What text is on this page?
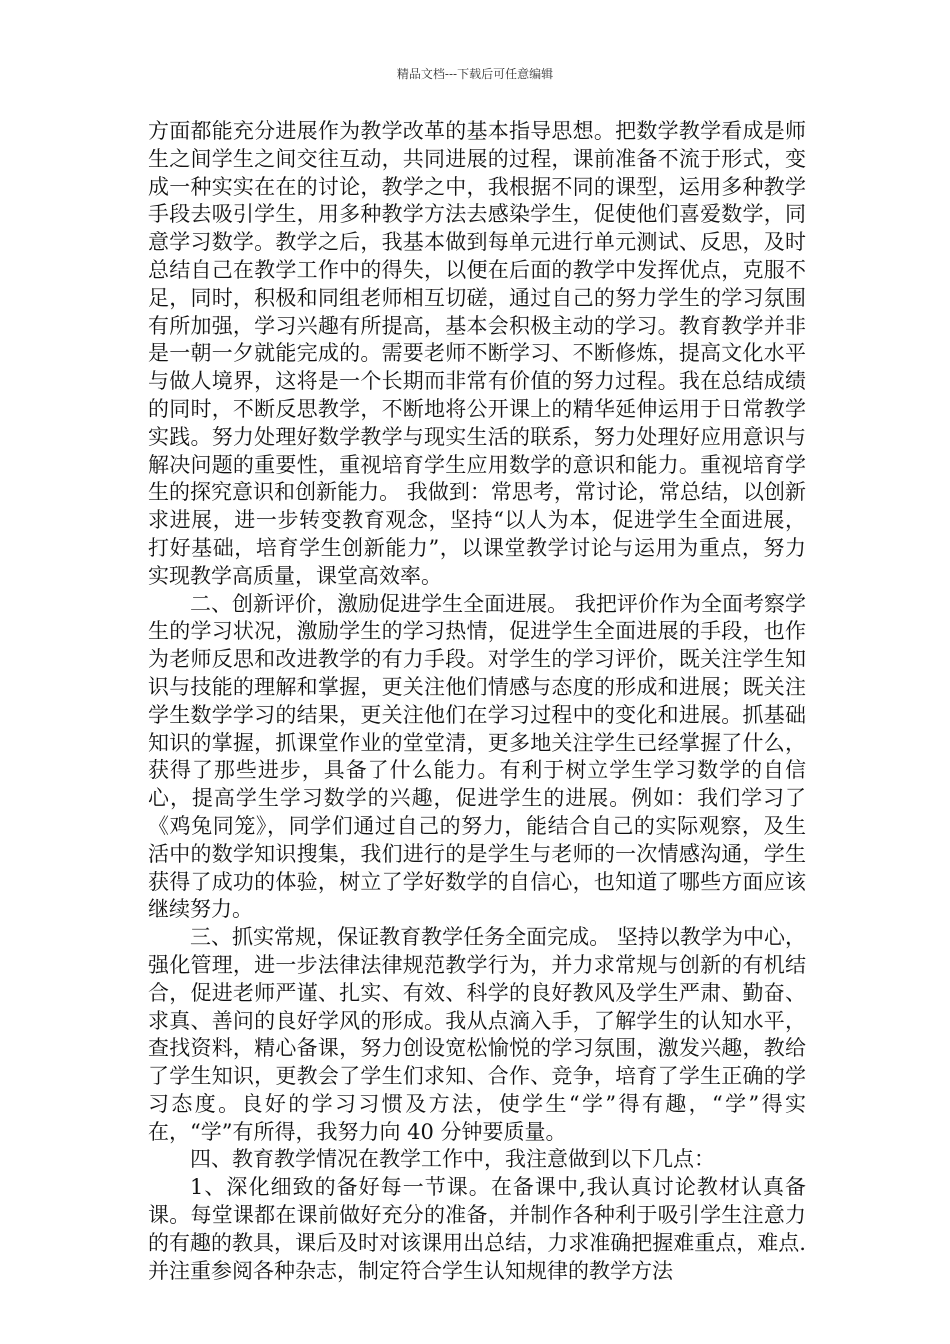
精品文档---下载后可任意编辑

方面都能充分进展作为教学改革的基本指导思想。把数学教学看成是师生之间学生之间交往互动，共同进展的过程，课前准备不流于形式，变成一种实实在在的讨论，教学之中，我根据不同的课型，运用多种教学手段去吸引学生，用多种教学方法去感染学生，促使他们喜爱数学，同意学习数学。教学之后，我基本做到每单元进行单元测试、反思，及时总结自己在教学工作中的得失，以便在后面的教学中发挥优点，克服不足，同时，积极和同组老师相互切磋，通过自己的努力学生的学习氛围有所加强，学习兴趣有所提高，基本会积极主动的学习。教育教学并非是一朝一夕就能完成的。需要老师不断学习、不断修炼，提高文化水平与做人境界，这将是一个长期而非常有价值的努力过程。我在总结成绩的同时，不断反思教学，不断地将公开课上的精华延伸运用于日常教学实践。努力处理好数学教学与现实生活的联系，努力处理好应用意识与解决问题的重要性，重视培育学生应用数学的意识和能力。重视培育学生的探究意识和创新能力。 我做到：常思考，常讨论，常总结，以创新求进展，进一步转变教育观念，坚持“以人为本，促进学生全面进展，打好基础，培育学生创新能力”，以课堂教学讨论与运用为重点，努力实现教学高质量，课堂高效率。

二、创新评价，激励促进学生全面进展。 我把评价作为全面考察学生的学习状况，激励学生的学习热情，促进学生全面进展的手段，也作为老师反思和改进教学的有力手段。对学生的学习评价，既关注学生知识与技能的理解和掌握，更关注他们情感与态度的形成和进展；既关注学生数学学习的结果，更关注他们在学习过程中的变化和进展。抓基础知识的掌握，抓课堂作业的堂堂清，更多地关注学生已经掌握了什么，获得了那些进步，具备了什么能力。有利于树立学生学习数学的自信心，提高学生学习数学的兴趣，促进学生的进展。例如：我们学习了《鸡兔同笼》，同学们通过自己的努力，能结合自己的实际观察，及生活中的数学知识搜集，我们进行的是学生与老师的一次情感沟通，学生获得了成功的体验，树立了学好数学的自信心，也知道了哪些方面应该继续努力。

三、抓实常规，保证教育教学任务全面完成。 坚持以教学为中心，强化管理，进一步法律法律规范教学行为，并力求常规与创新的有机结合，促进老师严谨、扎实、有效、科学的良好教风及学生严肃、勤奋、求真、善问的良好学风的形成。我从点滴入手，了解学生的认知水平，查找资料，精心备课，努力创设宽松愉悦的学习氛围，激发兴趣，教给了学生知识，更教会了学生们求知、合作、竞争，培育了学生正确的学习态度。良好的学习习惯及方法，使学生“学”得有趣，“学”得实在，“学”有所得，我努力向 40 分钟要质量。

四、教育教学情况在教学工作中，我注意做到以下几点：

1、深化细致的备好每一节课。在备课中,我认真讨论教材认真备课。每堂课都在课前做好充分的准备，并制作各种利于吸引学生注意力的有趣的教具，课后及时对该课用出总结，力求准确把握难重点，难点.并注重参阅各种杂志，制定符合学生认知规律的教学方法
